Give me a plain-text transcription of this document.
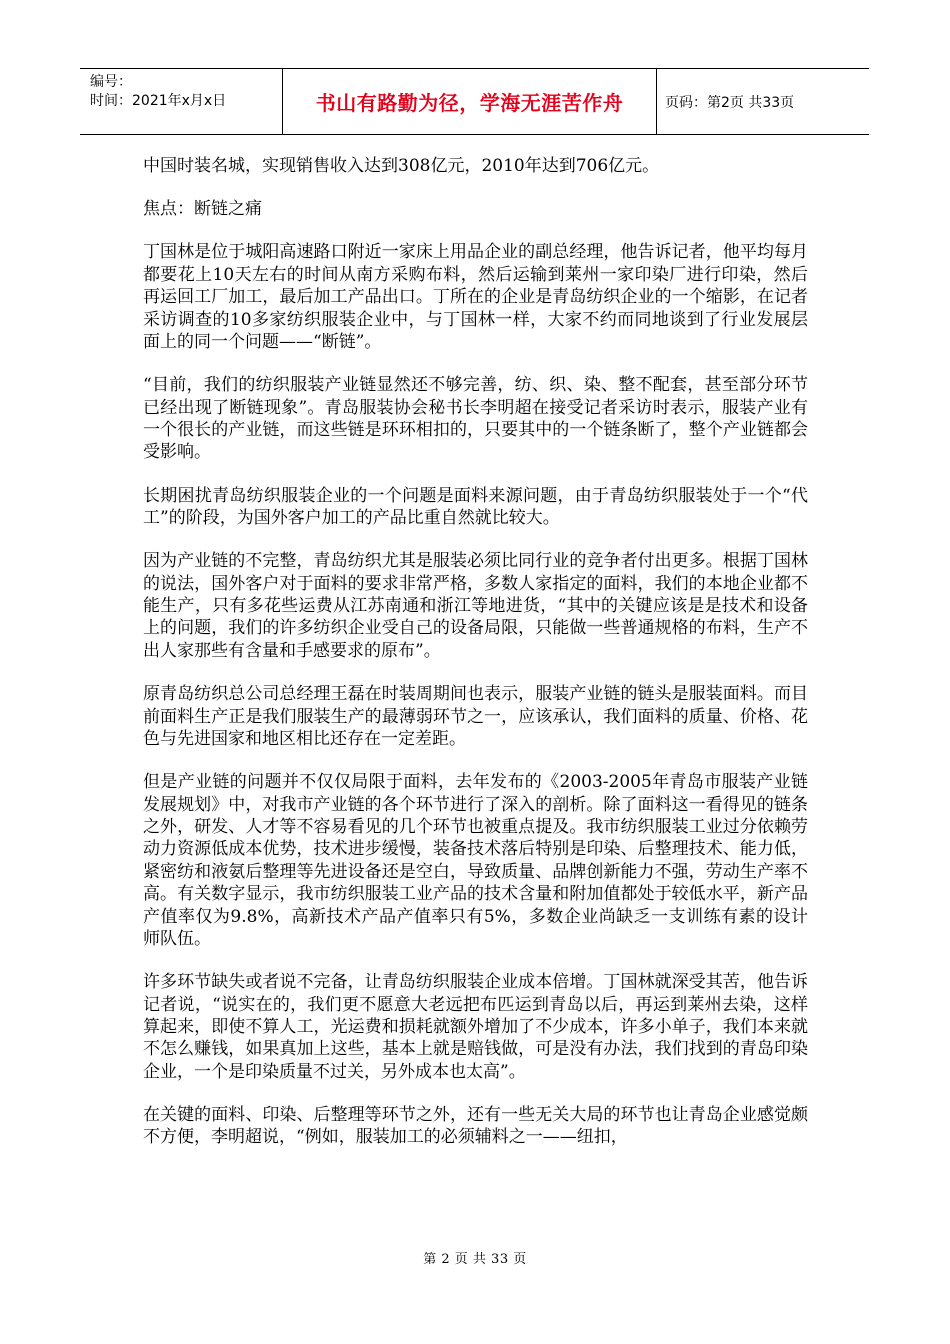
编号：
时间：2021年x月x日	书山有路勤为径，学海无涯苦作舟	页码：第2页 共33页

中国时装名城，实现销售收入达到308亿元，2010年达到706亿元。

焦点：断链之痛

丁国林是位于城阳高速路口附近一家床上用品企业的副总经理，他告诉记者，他平均每月都要花上10天左右的时间从南方采购布料，然后运输到莱州一家印染厂进行印染，然后再运回工厂加工，最后加工产品出口。丁所在的企业是青岛纺织企业的一个缩影，在记者采访调查的10多家纺织服装企业中，与丁国林一样，大家不约而同地谈到了行业发展层面上的同一个问题——“断链”。

“目前，我们的纺织服装产业链显然还不够完善，纺、织、染、整不配套，甚至部分环节已经出现了断链现象”。青岛服装协会秘书长李明超在接受记者采访时表示，服装产业有一个很长的产业链，而这些链是环环相扣的，只要其中的一个链条断了，整个产业链都会受影响。

长期困扰青岛纺织服装企业的一个问题是面料来源问题，由于青岛纺织服装处于一个“代工”的阶段，为国外客户加工的产品比重自然就比较大。

因为产业链的不完整，青岛纺织尤其是服装必须比同行业的竞争者付出更多。根据丁国林的说法，国外客户对于面料的要求非常严格，多数人家指定的面料，我们的本地企业都不能生产，只有多花些运费从江苏南通和浙江等地进货，“其中的关键应该是是技术和设备上的问题，我们的许多纺织企业受自己的设备局限，只能做一些普通规格的布料，生产不出人家那些有含量和手感要求的原布”。

原青岛纺织总公司总经理王磊在时装周期间也表示，服装产业链的链头是服装面料。而目前面料生产正是我们服装生产的最薄弱环节之一，应该承认，我们面料的质量、价格、花色与先进国家和地区相比还存在一定差距。

但是产业链的问题并不仅仅局限于面料，去年发布的《2003-2005年青岛市服装产业链发展规划》中，对我市产业链的各个环节进行了深入的剖析。除了面料这一看得见的链条之外，研发、人才等不容易看见的几个环节也被重点提及。我市纺织服装工业过分依赖劳动力资源低成本优势，技术进步缓慢，装备技术落后特别是印染、后整理技术、能力低，紧密纺和液氨后整理等先进设备还是空白，导致质量、品牌创新能力不强，劳动生产率不高。有关数字显示，我市纺织服装工业产品的技术含量和附加值都处于较低水平，新产品产值率仅为9.8%，高新技术产品产值率只有5%，多数企业尚缺乏一支训练有素的设计师队伍。

许多环节缺失或者说不完备，让青岛纺织服装企业成本倍增。丁国林就深受其苦，他告诉记者说，“说实在的，我们更不愿意大老远把布匹运到青岛以后，再运到莱州去染，这样算起来，即使不算人工，光运费和损耗就额外增加了不少成本，许多小单子，我们本来就不怎么赚钱，如果真加上这些，基本上就是赔钱做，可是没有办法，我们找到的青岛印染企业，一个是印染质量不过关，另外成本也太高”。

在关键的面料、印染、后整理等环节之外，还有一些无关大局的环节也让青岛企业感觉颇不方便，李明超说，“例如，服装加工的必须辅料之一——纽扣，

第 2 页 共 33 页
